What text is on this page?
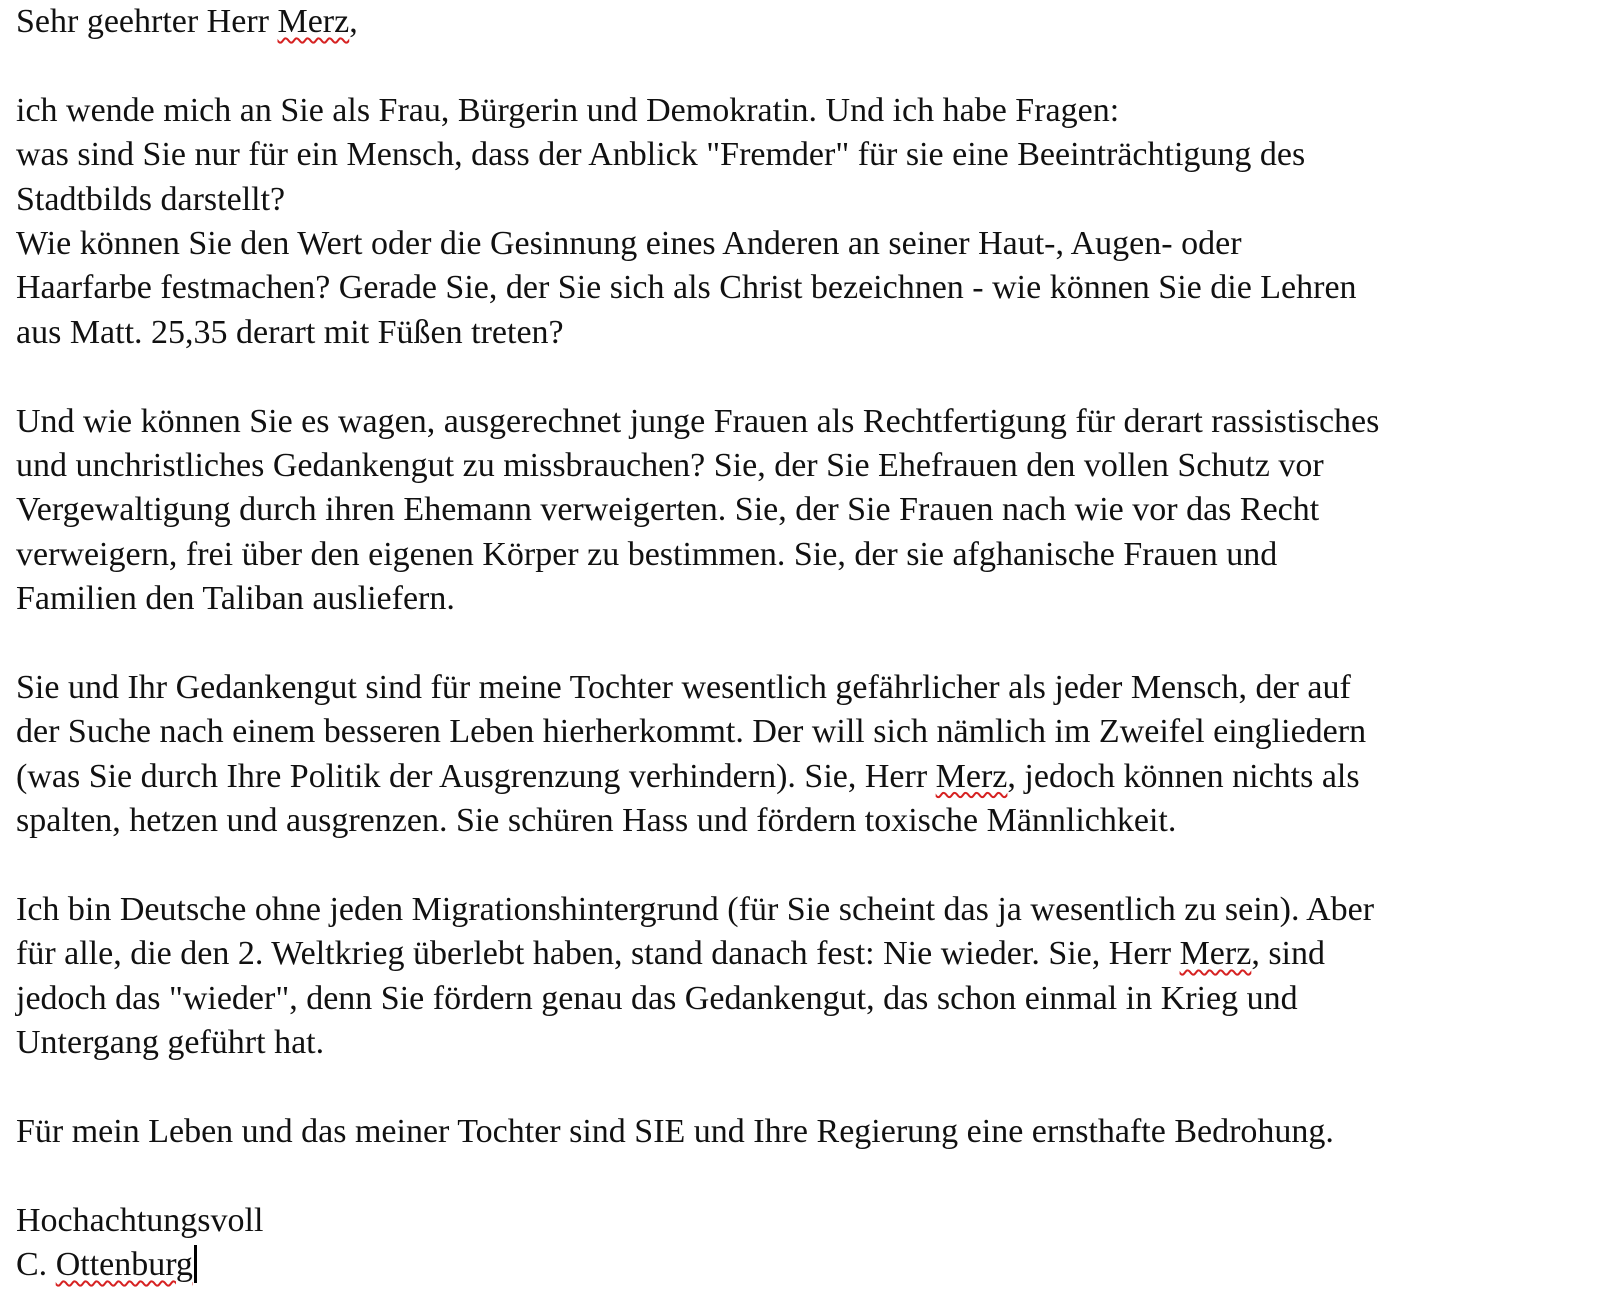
Sehr geehrter Herr Merz,
ich wende mich an Sie als Frau, Bürgerin und Demokratin. Und ich habe Fragen:
was sind Sie nur für ein Mensch, dass der Anblick "Fremder" für sie eine Beeinträchtigung des
Stadtbilds darstellt?
Wie können Sie den Wert oder die Gesinnung eines Anderen an seiner Haut-, Augen- oder
Haarfarbe festmachen? Gerade Sie, der Sie sich als Christ bezeichnen - wie können Sie die Lehren
aus Matt. 25,35 derart mit Füßen treten?
Und wie können Sie es wagen, ausgerechnet junge Frauen als Rechtfertigung für derart rassistisches
und unchristliches Gedankengut zu missbrauchen? Sie, der Sie Ehefrauen den vollen Schutz vor
Vergewaltigung durch ihren Ehemann verweigerten. Sie, der Sie Frauen nach wie vor das Recht
verweigern, frei über den eigenen Körper zu bestimmen. Sie, der sie afghanische Frauen und
Familien den Taliban ausliefern.
Sie und Ihr Gedankengut sind für meine Tochter wesentlich gefährlicher als jeder Mensch, der auf
der Suche nach einem besseren Leben hierherkommt. Der will sich nämlich im Zweifel eingliedern
(was Sie durch Ihre Politik der Ausgrenzung verhindern). Sie, Herr Merz, jedoch können nichts als
spalten, hetzen und ausgrenzen. Sie schüren Hass und fördern toxische Männlichkeit.
Ich bin Deutsche ohne jeden Migrationshintergrund (für Sie scheint das ja wesentlich zu sein). Aber
für alle, die den 2. Weltkrieg überlebt haben, stand danach fest: Nie wieder. Sie, Herr Merz, sind
jedoch das "wieder", denn Sie fördern genau das Gedankengut, das schon einmal in Krieg und
Untergang geführt hat.
Für mein Leben und das meiner Tochter sind SIE und Ihre Regierung eine ernsthafte Bedrohung.
Hochachtungsvoll
C. Ottenburg
